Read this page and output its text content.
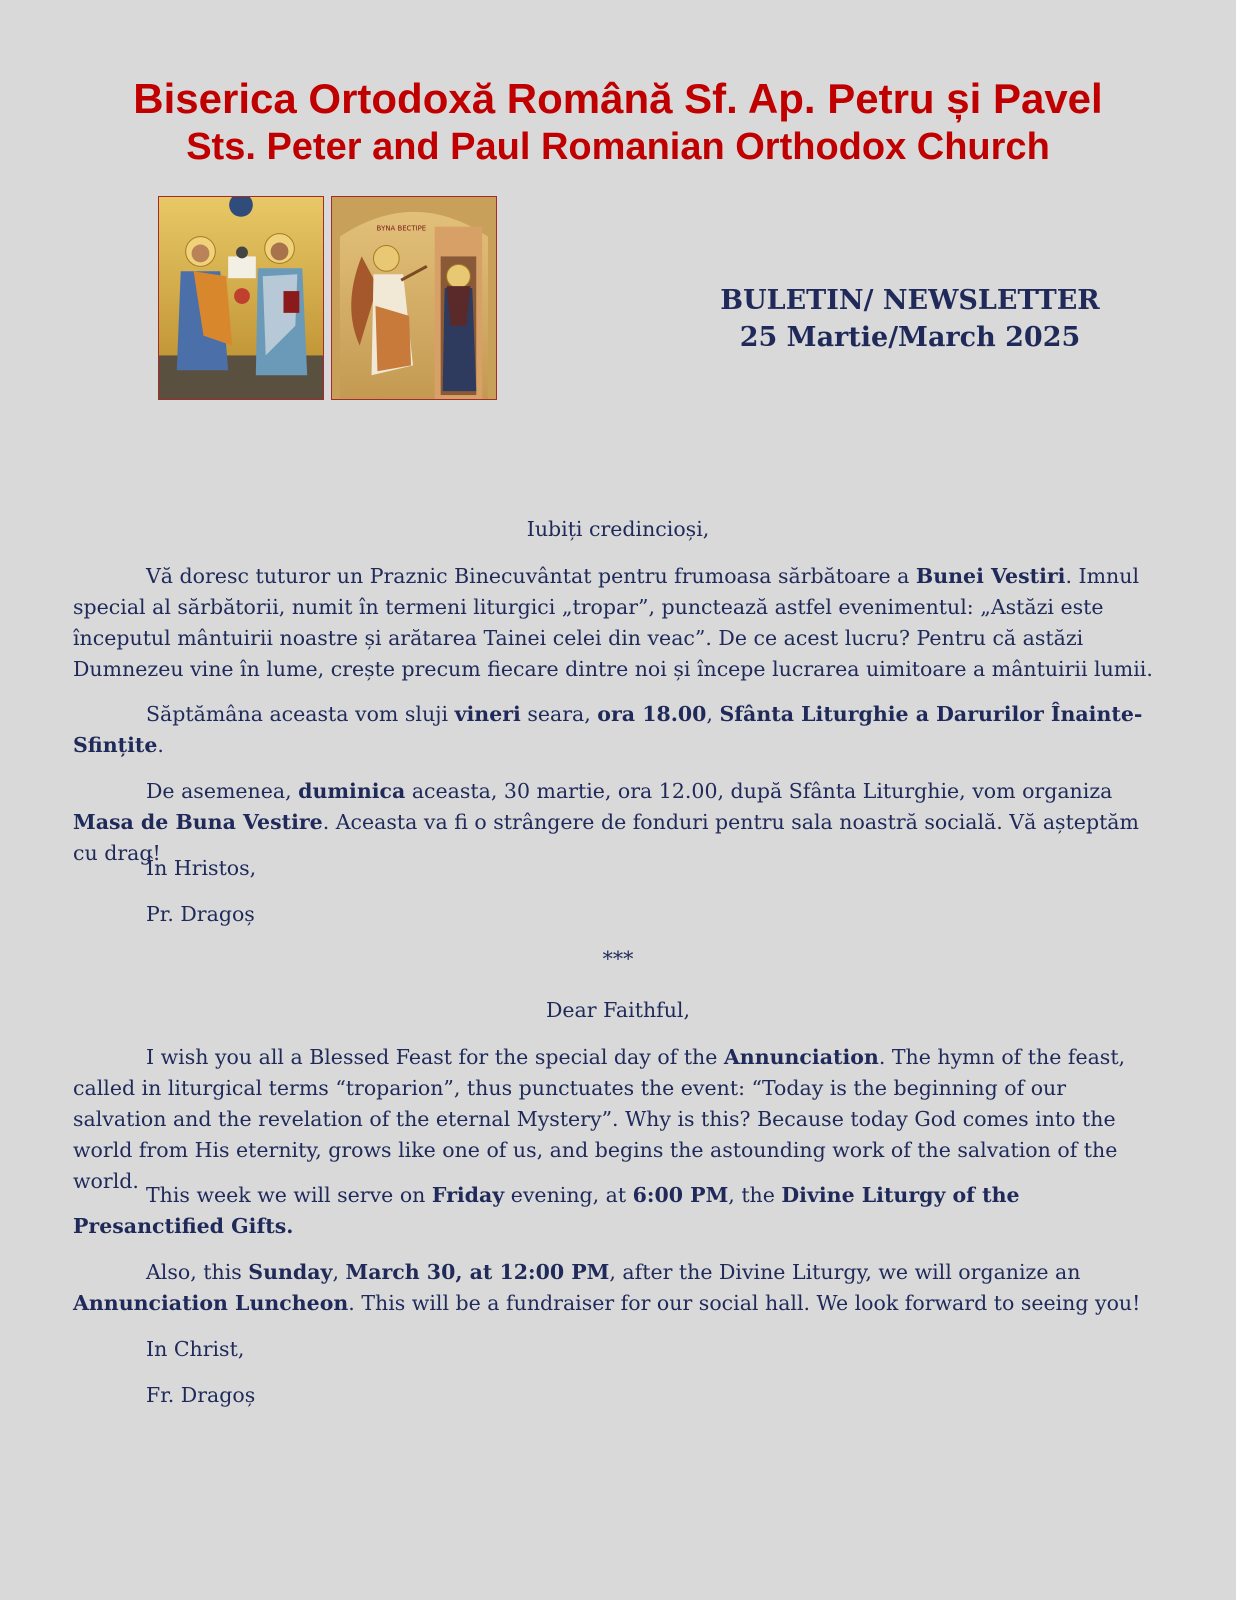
Biserica Ortodoxă Română Sf. Ap. Petru și Pavel
Sts. Peter and Paul Romanian Orthodox Church
ΒΥΝΑ ΒΕϹΤΙΡΕ
BULETIN/ NEWSLETTER
25 Martie/March 2025

Iubiți credincioși,

Vă doresc tuturor un Praznic Binecuvântat pentru frumoasa sărbătoare a Bunei Vestiri. Imnul special al sărbătorii, numit în termeni liturgici „tropar”, punctează astfel evenimentul: „Astăzi este începutul mântuirii noastre și arătarea Tainei celei din veac”. De ce acest lucru? Pentru că astăzi Dumnezeu vine în lume, crește precum fiecare dintre noi și începe lucrarea uimitoare a mântuirii lumii.

Săptămâna aceasta vom sluji vineri seara, ora 18.00, Sfânta Liturghie a Darurilor Înainte-Sfințite.

De asemenea, duminica aceasta, 30 martie, ora 12.00, după Sfânta Liturghie, vom organiza Masa de Buna Vestire. Aceasta va fi o strângere de fonduri pentru sala noastră socială. Vă așteptăm cu drag!

În Hristos,

Pr. Dragoș

***

Dear Faithful,

I wish you all a Blessed Feast for the special day of the Annunciation. The hymn of the feast, called in liturgical terms “troparion”, thus punctuates the event: “Today is the beginning of our salvation and the revelation of the eternal Mystery”. Why is this? Because today God comes into the world from His eternity, grows like one of us, and begins the astounding work of the salvation of the world.

This week we will serve on Friday evening, at 6:00 PM, the Divine Liturgy of the Presanctified Gifts.

Also, this Sunday, March 30, at 12:00 PM, after the Divine Liturgy, we will organize an Annunciation Luncheon. This will be a fundraiser for our social hall. We look forward to seeing you!

In Christ,

Fr. Dragoș
